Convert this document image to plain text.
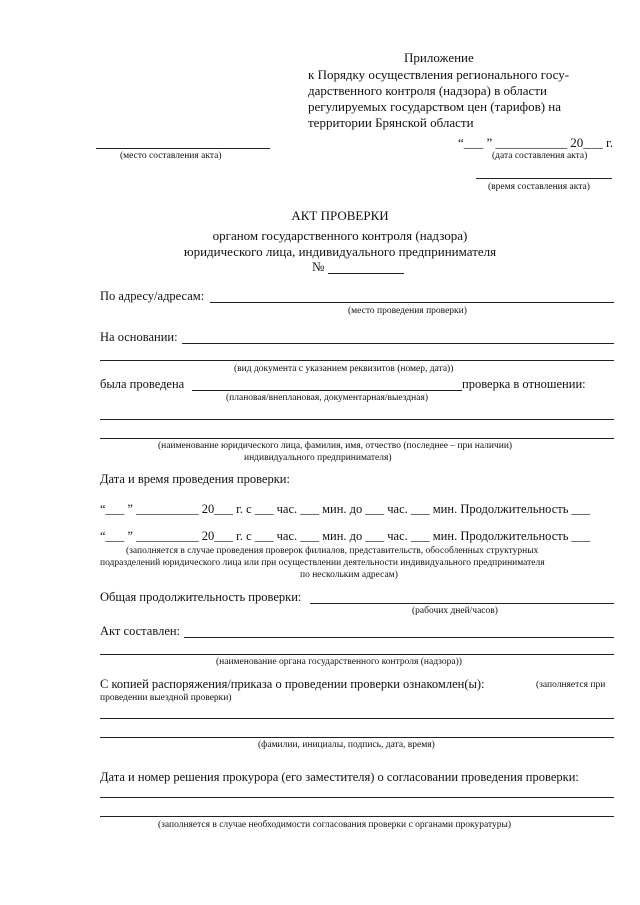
Приложение
к Порядку осуществления регионального госу-
дарственного контроля (надзора) в области
регулируемых государством цен (тарифов) на
территории Брянской области
(место составления акта)
“___ ” ___________ 20___ г.
(дата составления акта)
(время составления акта)
АКТ ПРОВЕРКИ
органом государственного контроля (надзора)
юридического лица, индивидуального предпринимателя
№
По адресу/адресам:
(место проведения проверки)
На основании:
(вид документа с указанием реквизитов (номер, дата))
была проведена	проверка в отношении:
(плановая/внеплановая, документарная/выездная)
(наименование юридического лица, фамилия, имя, отчество (последнее – при наличии)
индивидуального предпринимателя)
Дата и время проведения проверки:
“___ ” __________ 20___ г. с ___ час. ___ мин. до ___ час. ___ мин. Продолжительность ___
“___ ” __________ 20___ г. с ___ час. ___ мин. до ___ час. ___ мин. Продолжительность ___
(заполняется в случае проведения проверок филиалов, представительств, обособленных структурных
подразделений юридического лица или при осуществлении деятельности индивидуального предпринимателя
по нескольким адресам)
Общая продолжительность проверки:
(рабочих дней/часов)
Акт составлен:
(наименование органа государственного контроля (надзора))
С копией распоряжения/приказа о проведении проверки ознакомлен(ы):	(заполняется при
проведении выездной проверки)
(фамилии, инициалы, подпись, дата, время)
Дата и номер решения прокурора (его заместителя) о согласовании проведения проверки:
(заполняется в случае необходимости согласования проверки с органами прокуратуры)
